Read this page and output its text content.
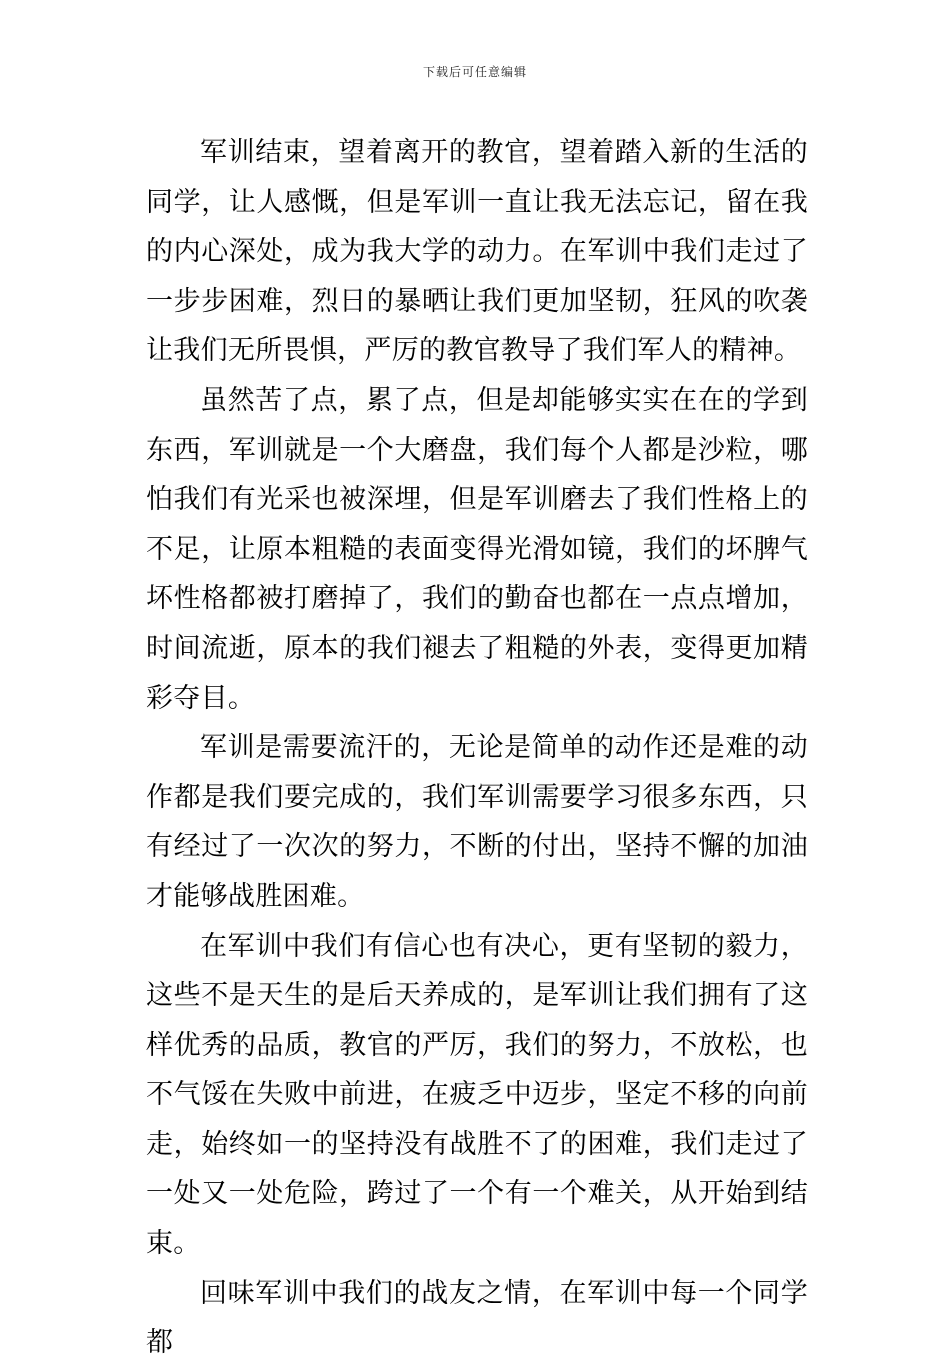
下载后可任意编辑

军训结束，望着离开的教官，望着踏入新的生活的同学，让人感慨，但是军训一直让我无法忘记，留在我的内心深处，成为我大学的动力。在军训中我们走过了一步步困难，烈日的暴晒让我们更加坚韧，狂风的吹袭让我们无所畏惧，严厉的教官教导了我们军人的精神。

虽然苦了点，累了点，但是却能够实实在在的学到东西，军训就是一个大磨盘，我们每个人都是沙粒，哪怕我们有光采也被深埋，但是军训磨去了我们性格上的不足，让原本粗糙的表面变得光滑如镜，我们的坏脾气坏性格都被打磨掉了，我们的勤奋也都在一点点增加，时间流逝，原本的我们褪去了粗糙的外表，变得更加精彩夺目。

军训是需要流汗的，无论是简单的动作还是难的动作都是我们要完成的，我们军训需要学习很多东西，只有经过了一次次的努力，不断的付出，坚持不懈的加油才能够战胜困难。

在军训中我们有信心也有决心，更有坚韧的毅力，这些不是天生的是后天养成的，是军训让我们拥有了这样优秀的品质，教官的严厉，我们的努力，不放松，也不气馁在失败中前进，在疲乏中迈步，坚定不移的向前走，始终如一的坚持没有战胜不了的困难，我们走过了一处又一处危险，跨过了一个有一个难关，从开始到结束。

回味军训中我们的战友之情，在军训中每一个同学都
